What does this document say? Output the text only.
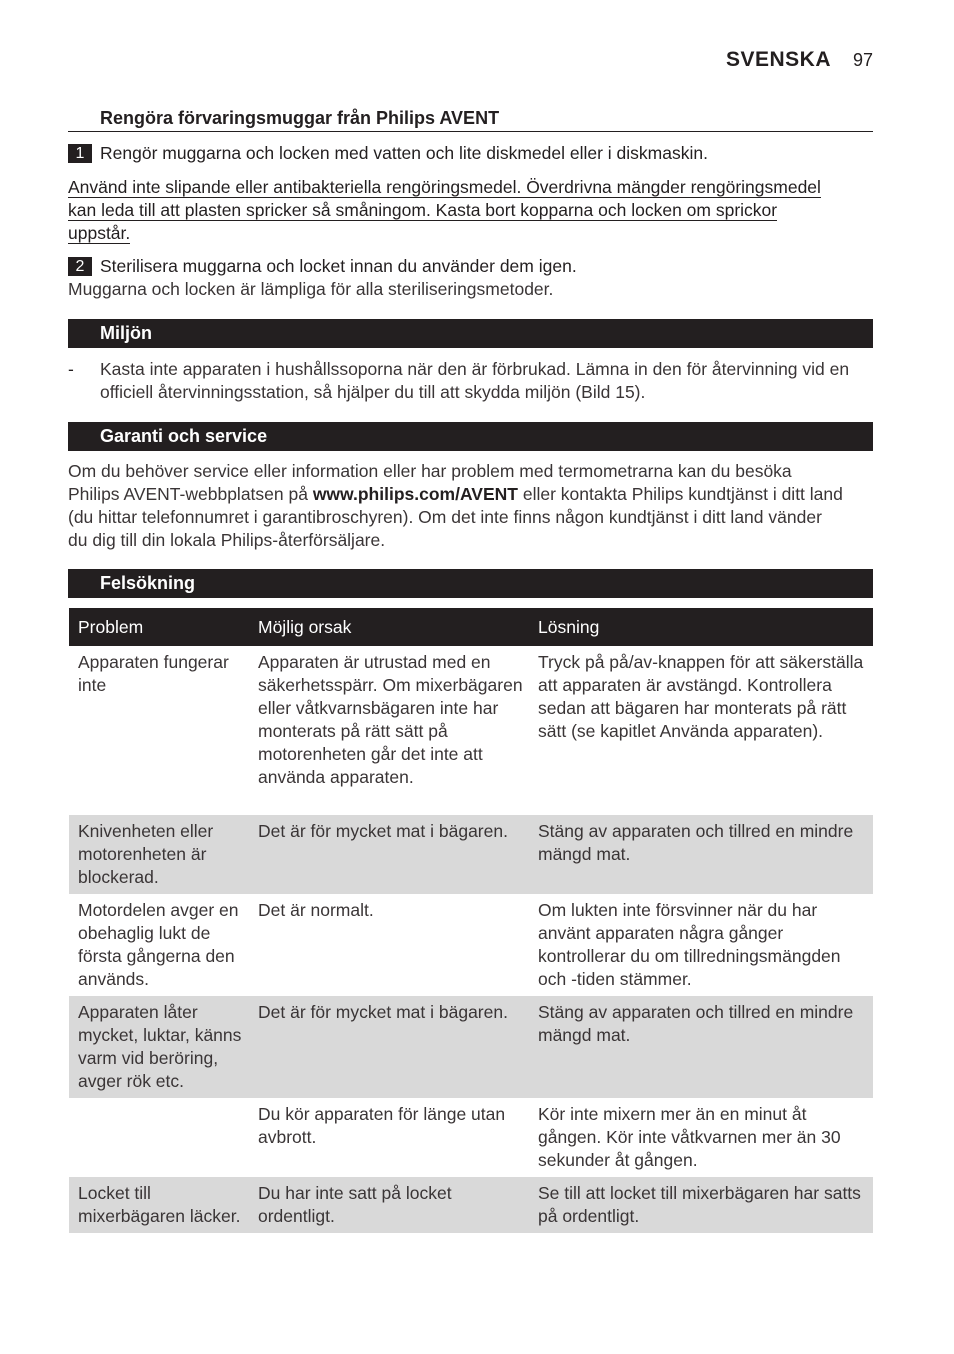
SVENSKA 97
Rengöra förvaringsmuggar från Philips AVENT
1 Rengör muggarna och locken med vatten och lite diskmedel eller i diskmaskin.
Använd inte slipande eller antibakteriella rengöringsmedel. Överdrivna mängder rengöringsmedel
kan leda till att plasten spricker så småningom. Kasta bort kopparna och locken om sprickor
uppstår.
2 Sterilisera muggarna och locket innan du använder dem igen.
Muggarna och locken är lämpliga för alla steriliseringsmetoder.
Miljön
- Kasta inte apparaten i hushållssoporna när den är förbrukad. Lämna in den för återvinning vid en
officiell återvinningsstation, så hjälper du till att skydda miljön (Bild 15).
Garanti och service
Om du behöver service eller information eller har problem med termometrarna kan du besöka
Philips AVENT-webbplatsen på www.philips.com/AVENT eller kontakta Philips kundtjänst i ditt land
(du hittar telefonnumret i garantibroschyren). Om det inte finns någon kundtjänst i ditt land vänder
du dig till din lokala Philips-återförsäljare.
Felsökning
Problem	Möjlig orsak	Lösning
Apparaten fungerar inte	Apparaten är utrustad med en säkerhetsspärr. Om mixerbägaren eller våtkvarnsbägaren inte har monterats på rätt sätt på motorenheten går det inte att använda apparaten.	Tryck på på/av-knappen för att säkerställa att apparaten är avstängd. Kontrollera sedan att bägaren har monterats på rätt sätt (se kapitlet Använda apparaten).
Knivenheten eller motorenheten är blockerad.	Det är för mycket mat i bägaren.	Stäng av apparaten och tillred en mindre mängd mat.
Motordelen avger en obehaglig lukt de första gångerna den används.	Det är normalt.	Om lukten inte försvinner när du har använt apparaten några gånger kontrollerar du om tillredningsmängden och -tiden stämmer.
Apparaten låter mycket, luktar, känns varm vid beröring, avger rök etc.	Det är för mycket mat i bägaren.	Stäng av apparaten och tillred en mindre mängd mat.
	Du kör apparaten för länge utan avbrott.	Kör inte mixern mer än en minut åt gången. Kör inte våtkvarnen mer än 30 sekunder åt gången.
Locket till mixerbägaren läcker.	Du har inte satt på locket ordentligt.	Se till att locket till mixerbägaren har satts på ordentligt.
